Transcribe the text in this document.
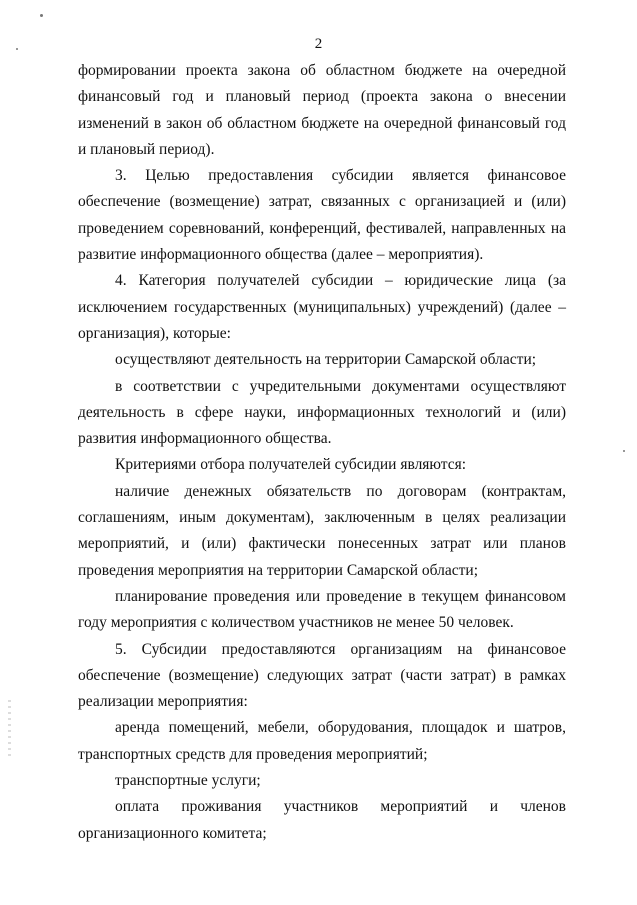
2

формировании проекта закона об областном бюджете на очередной финансовый год и плановый период (проекта закона о внесении изменений в закон об областном бюджете на очередной финансовый год и плановый период).

3. Целью предоставления субсидии является финансовое обеспечение (возмещение) затрат, связанных с организацией и (или) проведением соревнований, конференций, фестивалей, направленных на развитие информационного общества (далее – мероприятия).

4. Категория получателей субсидии – юридические лица (за исключением государственных (муниципальных) учреждений) (далее – организация), которые:

осуществляют деятельность на территории Самарской области;

в соответствии с учредительными документами осуществляют деятельность в сфере науки, информационных технологий и (или) развития информационного общества.

Критериями отбора получателей субсидии являются:

наличие денежных обязательств по договорам (контрактам, соглашениям, иным документам), заключенным в целях реализации мероприятий, и (или) фактически понесенных затрат или планов проведения мероприятия на территории Самарской области;

планирование проведения или проведение в текущем финансовом году мероприятия с количеством участников не менее 50 человек.

5. Субсидии предоставляются организациям на финансовое обеспечение (возмещение) следующих затрат (части затрат) в рамках реализации мероприятия:

аренда помещений, мебели, оборудования, площадок и шатров, транспортных средств для проведения мероприятий;

транспортные услуги;

оплата проживания участников мероприятий и членов организационного комитета;
